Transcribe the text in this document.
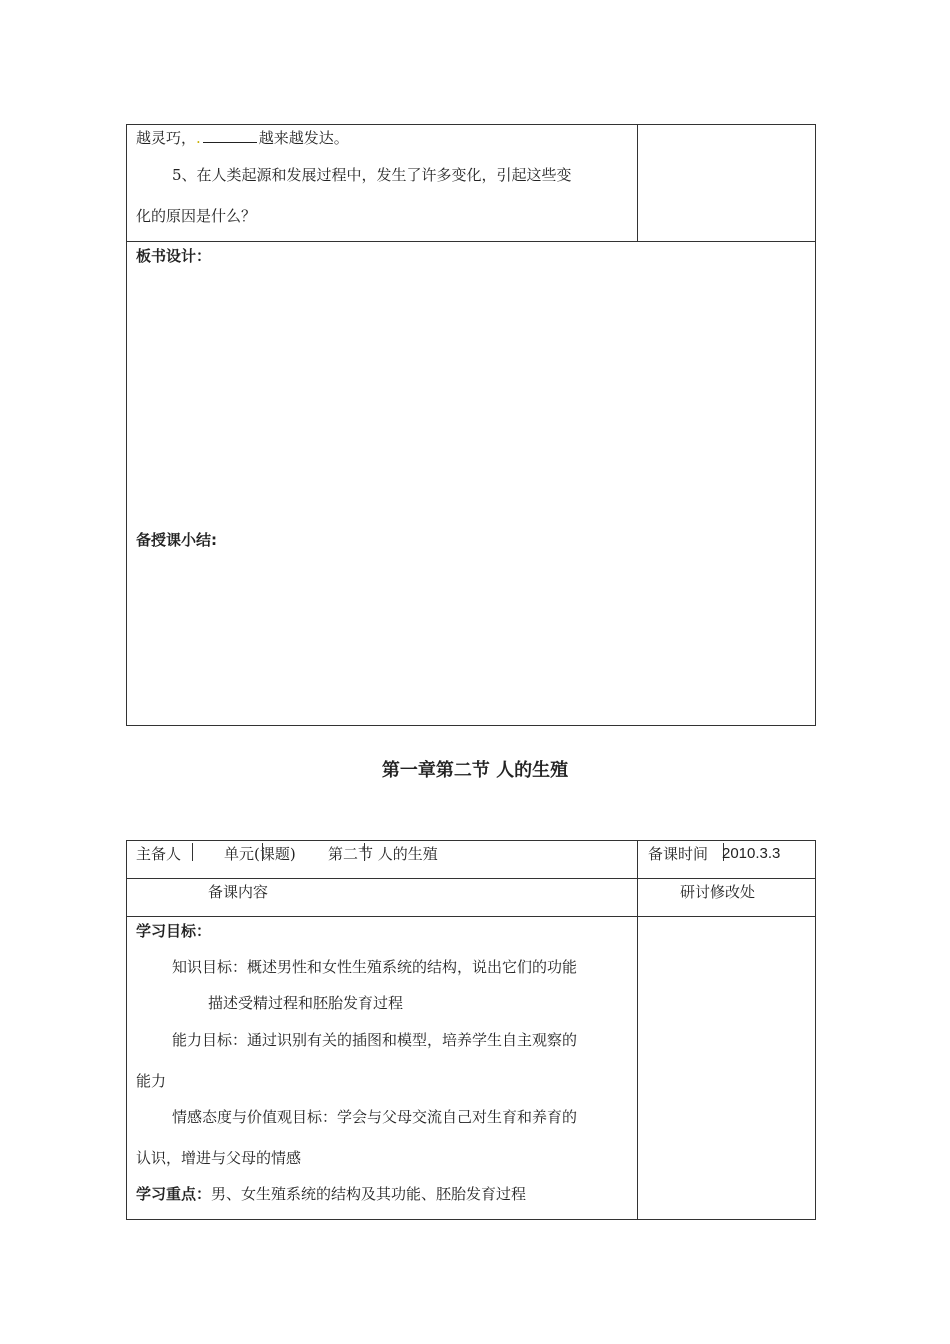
越灵巧，.	越来越发达。
5、在人类起源和发展过程中，发生了许多变化，引起这些变
化的原因是什么？
板书设计：
备授课小结:
第一章第二节 人的生殖
主备人	单元(课题) 第二节 人的生殖	备课时间 2010.3.3
备课内容	研讨修改处
学习目标：
知识目标：概述男性和女性生殖系统的结构，说出它们的功能
描述受精过程和胚胎发育过程
能力目标：通过识别有关的插图和模型，培养学生自主观察的
能力
情感态度与价值观目标：学会与父母交流自己对生育和养育的
认识，增进与父母的情感
学习重点：男、女生殖系统的结构及其功能、胚胎发育过程
